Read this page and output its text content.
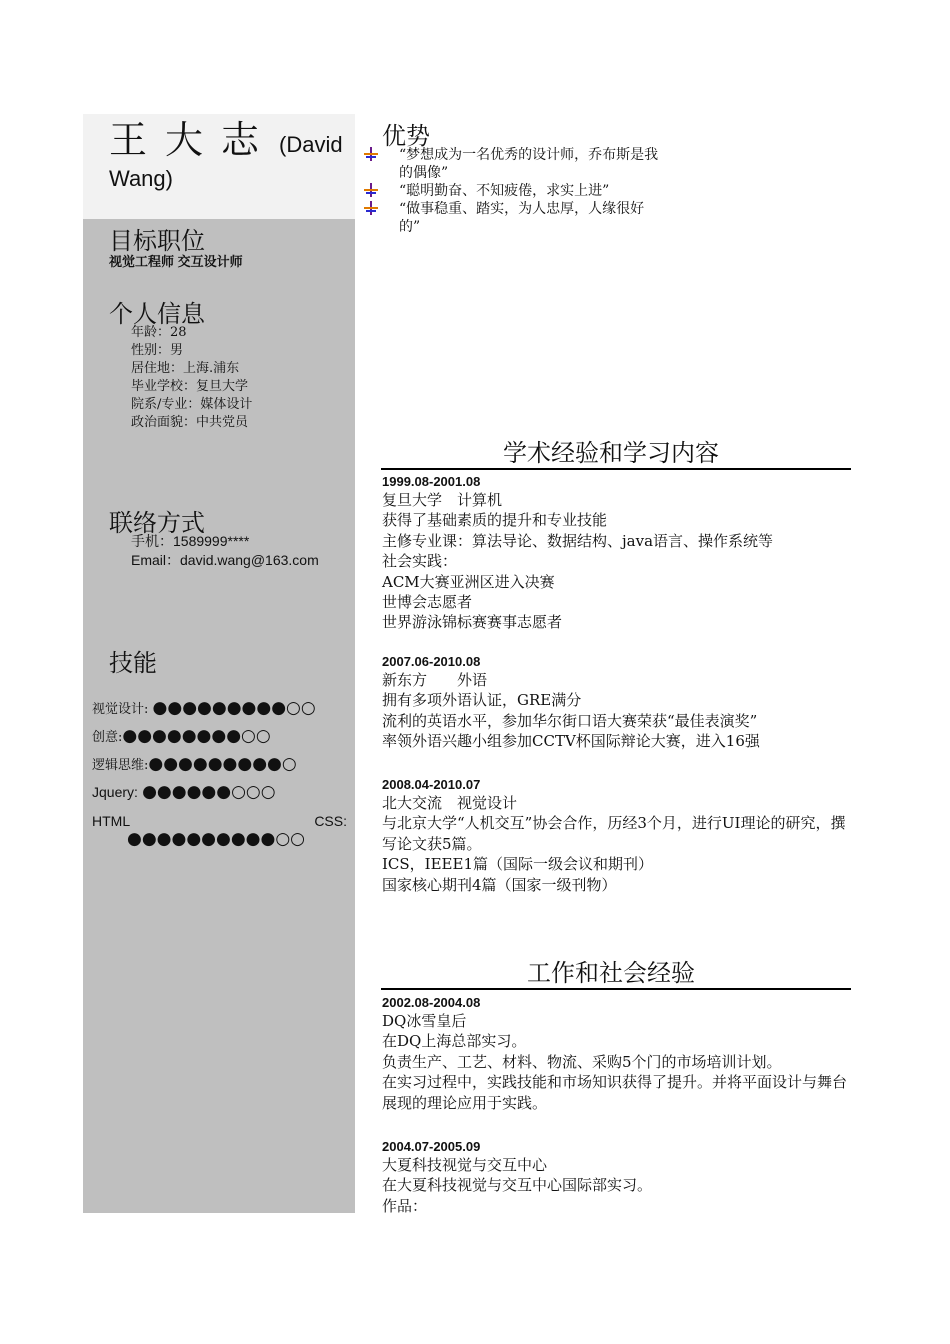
王大志 (David
Wang)
目标职位
视觉工程师 交互设计师
个人信息
年龄：28
性别：男
居住地：上海.浦东
毕业学校：复旦大学
院系/专业：媒体设计
政治面貌：中共党员
联络方式
手机：1589999****
Email：david.wang@163.com
技能
视觉设计: ●●●●●●●●●○○
创意:●●●●●●●●○○
逻辑思维:●●●●●●●●●○
Jquery: ●●●●●●○○○
HTML	CSS:
●●●●●●●●●●○○
优势
“梦想成为一名优秀的设计师，乔布斯是我的偶像”
“聪明勤奋、不知疲倦，求实上进”
“做事稳重、踏实，为人忠厚，人缘很好的”
学术经验和学习内容
1999.08-2001.08
复旦大学　计算机
获得了基础素质的提升和专业技能
主修专业课：算法导论、数据结构、java语言、操作系统等
社会实践：
ACM大赛亚洲区进入决赛
世博会志愿者
世界游泳锦标赛赛事志愿者
2007.06-2010.08
新东方　　外语
拥有多项外语认证，GRE满分
流利的英语水平，参加华尔街口语大赛荣获“最佳表演奖”
率领外语兴趣小组参加CCTV杯国际辩论大赛，进入16强
2008.04-2010.07
北大交流　视觉设计
与北京大学“人机交互”协会合作，历经3个月，进行UI理论的研究，撰写论文获5篇。
ICS，IEEE1篇（国际一级会议和期刊）
国家核心期刊4篇（国家一级刊物）
工作和社会经验
2002.08-2004.08
DQ冰雪皇后
在DQ上海总部实习。
负责生产、工艺、材料、物流、采购5个门的市场培训计划。
在实习过程中，实践技能和市场知识获得了提升。并将平面设计与舞台展现的理论应用于实践。
2004.07-2005.09
大夏科技视觉与交互中心
在大夏科技视觉与交互中心国际部实习。
作品：
